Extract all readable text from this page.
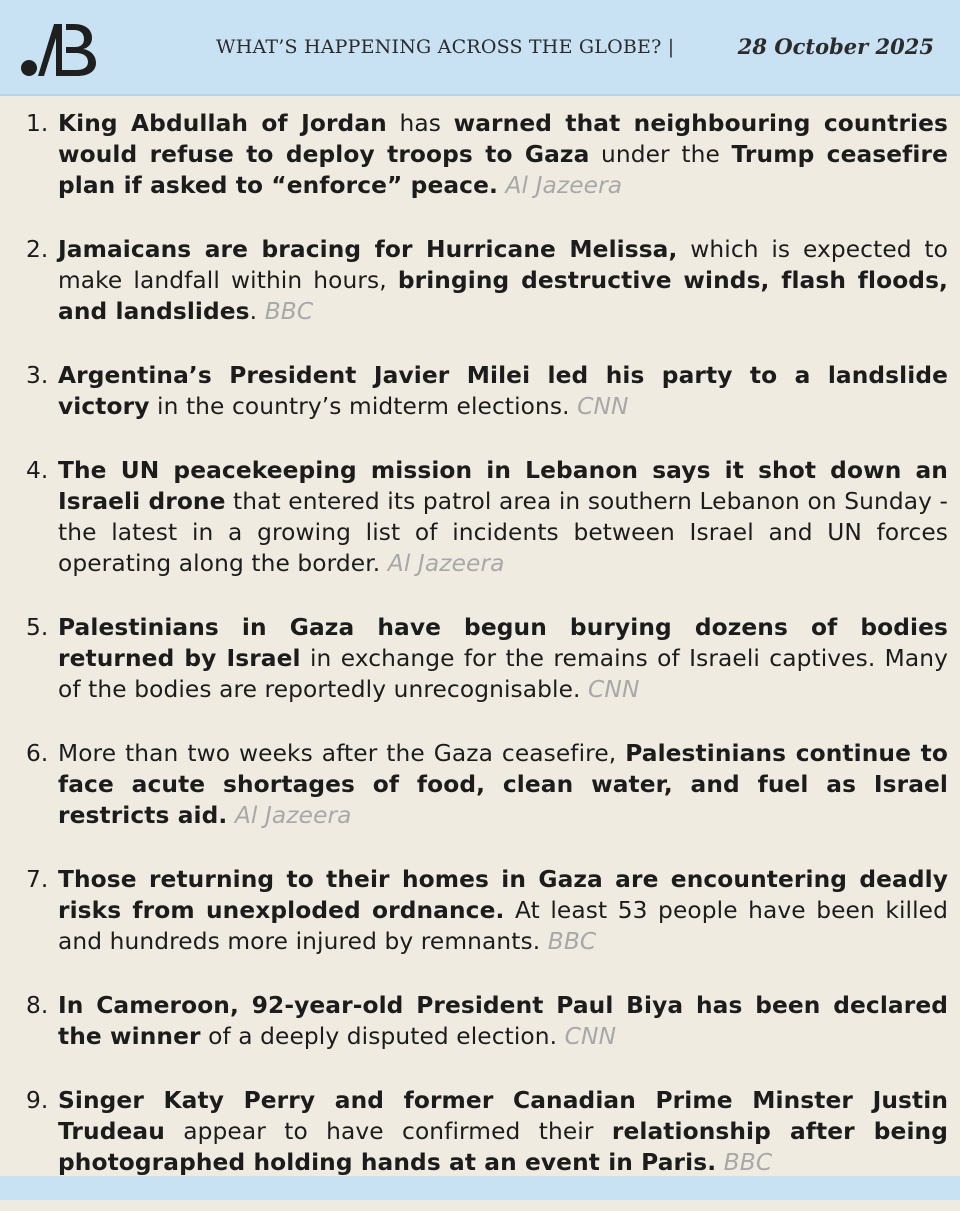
WHAT’S HAPPENING ACROSS THE GLOBE? |	28 October 2025
1. King Abdullah of Jordan has warned that neighbouring countries would refuse to deploy troops to Gaza under the Trump ceasefire plan if asked to “enforce” peace. Al Jazeera
2. Jamaicans are bracing for Hurricane Melissa, which is expected to make landfall within hours, bringing destructive winds, flash floods, and landslides. BBC
3. Argentina’s President Javier Milei led his party to a landslide victory in the country’s midterm elections. CNN
4. The UN peacekeeping mission in Lebanon says it shot down an Israeli drone that entered its patrol area in southern Lebanon on Sunday - the latest in a growing list of incidents between Israel and UN forces operating along the border. Al Jazeera
5. Palestinians in Gaza have begun burying dozens of bodies returned by Israel in exchange for the remains of Israeli captives. Many of the bodies are reportedly unrecognisable. CNN
6. More than two weeks after the Gaza ceasefire, Palestinians continue to face acute shortages of food, clean water, and fuel as Israel restricts aid. Al Jazeera
7. Those returning to their homes in Gaza are encountering deadly risks from unexploded ordnance. At least 53 people have been killed and hundreds more injured by remnants. BBC
8. In Cameroon, 92-year-old President Paul Biya has been declared the winner of a deeply disputed election. CNN
9. Singer Katy Perry and former Canadian Prime Minster Justin Trudeau appear to have confirmed their relationship after being photographed holding hands at an event in Paris. BBC
